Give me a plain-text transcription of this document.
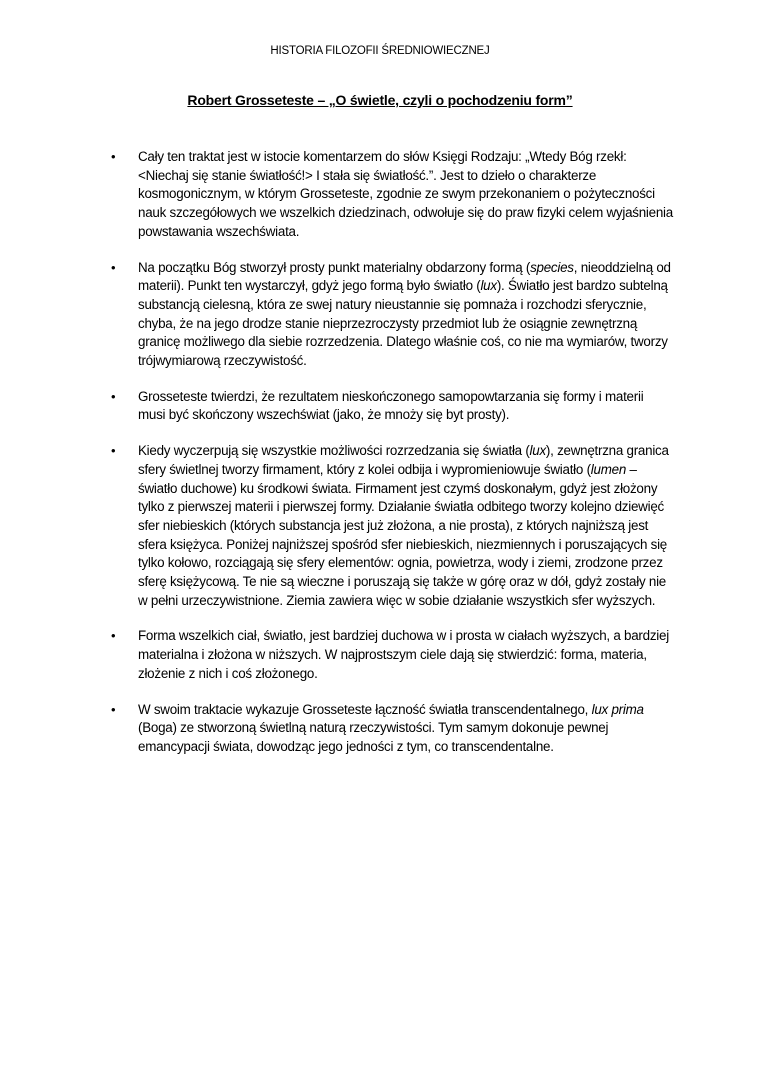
HISTORIA FILOZOFII ŚREDNIOWIECZNEJ
Robert Grosseteste – „O świetle, czyli o pochodzeniu form”
• Cały ten traktat jest w istocie komentarzem do słów Księgi Rodzaju: „Wtedy Bóg rzekł: <Niechaj się stanie światłość!> I stała się światłość.”. Jest to dzieło o charakterze kosmogonicznym, w którym Grosseteste, zgodnie ze swym przekonaniem o pożyteczności nauk szczegółowych we wszelkich dziedzinach, odwołuje się do praw fizyki celem wyjaśnienia powstawania wszechświata.
• Na początku Bóg stworzył prosty punkt materialny obdarzony formą (species, nieoddzielną od materii). Punkt ten wystarczył, gdyż jego formą było światło (lux). Światło jest bardzo subtelną substancją cielesną, która ze swej natury nieustannie się pomnaża i rozchodzi sferycznie, chyba, że na jego drodze stanie nieprzezroczysty przedmiot lub że osiągnie zewnętrzną granicę możliwego dla siebie rozrzedzenia. Dlatego właśnie coś, co nie ma wymiarów, tworzy trójwymiarową rzeczywistość.
• Grosseteste twierdzi, że rezultatem nieskończonego samopowtarzania się formy i materii musi być skończony wszechświat (jako, że mnoży się byt prosty).
• Kiedy wyczerpują się wszystkie możliwości rozrzedzania się światła (lux), zewnętrzna granica sfery świetlnej tworzy firmament, który z kolei odbija i wypromieniowuje światło (lumen – światło duchowe) ku środkowi świata. Firmament jest czymś doskonałym, gdyż jest złożony tylko z pierwszej materii i pierwszej formy. Działanie światła odbitego tworzy kolejno dziewięć sfer niebieskich (których substancja jest już złożona, a nie prosta), z których najniższą jest sfera księżyca. Poniżej najniższej spośród sfer niebieskich, niezmiennych i poruszających się tylko kołowo, rozciągają się sfery elementów: ognia, powietrza, wody i ziemi, zrodzone przez sferę księżycową. Te nie są wieczne i poruszają się także w górę oraz w dół, gdyż zostały nie w pełni urzeczywistnione. Ziemia zawiera więc w sobie działanie wszystkich sfer wyższych.
• Forma wszelkich ciał, światło, jest bardziej duchowa w i prosta w ciałach wyższych, a bardziej materialna i złożona w niższych. W najprostszym ciele dają się stwierdzić: forma, materia, złożenie z nich i coś złożonego.
• W swoim traktacie wykazuje Grosseteste łączność światła transcendentalnego, lux prima (Boga) ze stworzoną świetlną naturą rzeczywistości. Tym samym dokonuje pewnej emancypacji świata, dowodząc jego jedności z tym, co transcendentalne.
